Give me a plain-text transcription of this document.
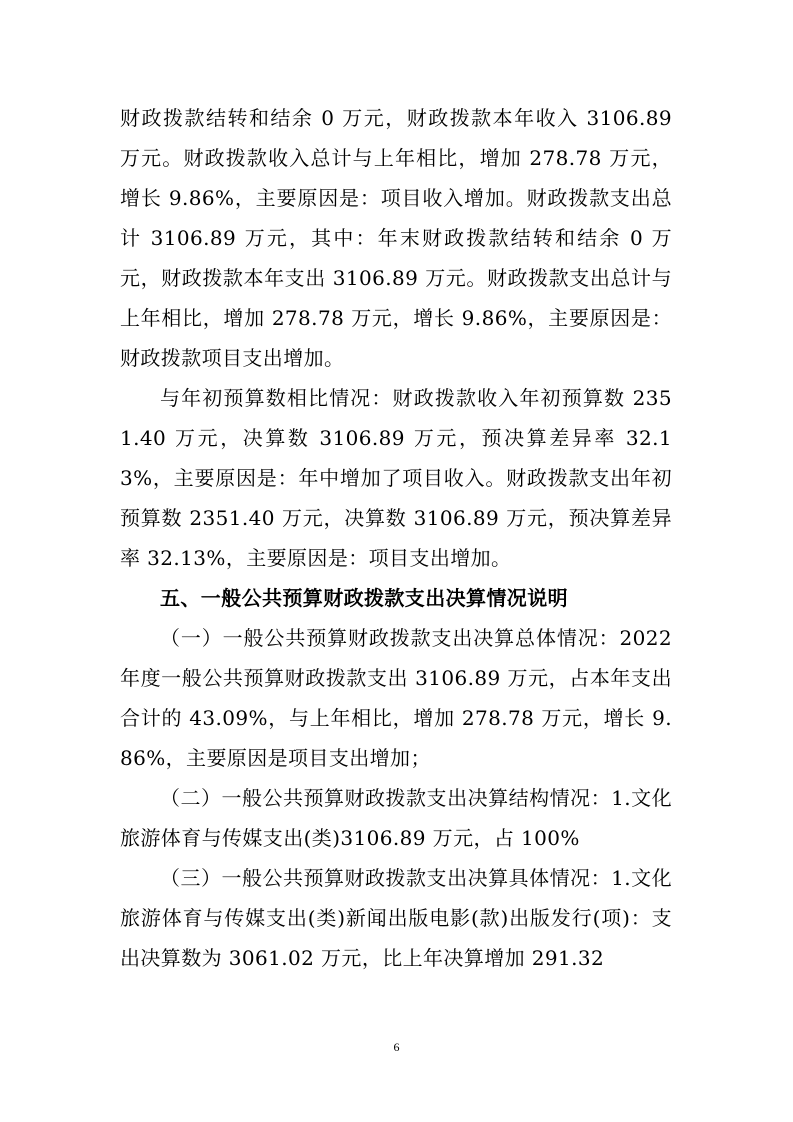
财政拨款结转和结余 0 万元，财政拨款本年收入 3106.89 万元。财政拨款收入总计与上年相比，增加 278.78 万元，增长 9.86%，主要原因是：项目收入增加。财政拨款支出总计 3106.89 万元，其中：年末财政拨款结转和结余 0 万元，财政拨款本年支出 3106.89 万元。财政拨款支出总计与上年相比，增加 278.78 万元，增长 9.86%，主要原因是：财政拨款项目支出增加。

与年初预算数相比情况：财政拨款收入年初预算数 2351.40 万元，决算数 3106.89 万元，预决算差异率 32.13%，主要原因是：年中增加了项目收入。财政拨款支出年初预算数 2351.40 万元，决算数 3106.89 万元，预决算差异率 32.13%，主要原因是：项目支出增加。

五、一般公共预算财政拨款支出决算情况说明

（一）一般公共预算财政拨款支出决算总体情况：2022 年度一般公共预算财政拨款支出 3106.89 万元，占本年支出合计的 43.09%，与上年相比，增加 278.78 万元，增长 9.86%，主要原因是项目支出增加；

（二）一般公共预算财政拨款支出决算结构情况：1.文化旅游体育与传媒支出(类)3106.89 万元，占 100%

（三）一般公共预算财政拨款支出决算具体情况：1.文化旅游体育与传媒支出(类)新闻出版电影(款)出版发行(项)：支出决算数为 3061.02 万元，比上年决算增加 291.32

6
